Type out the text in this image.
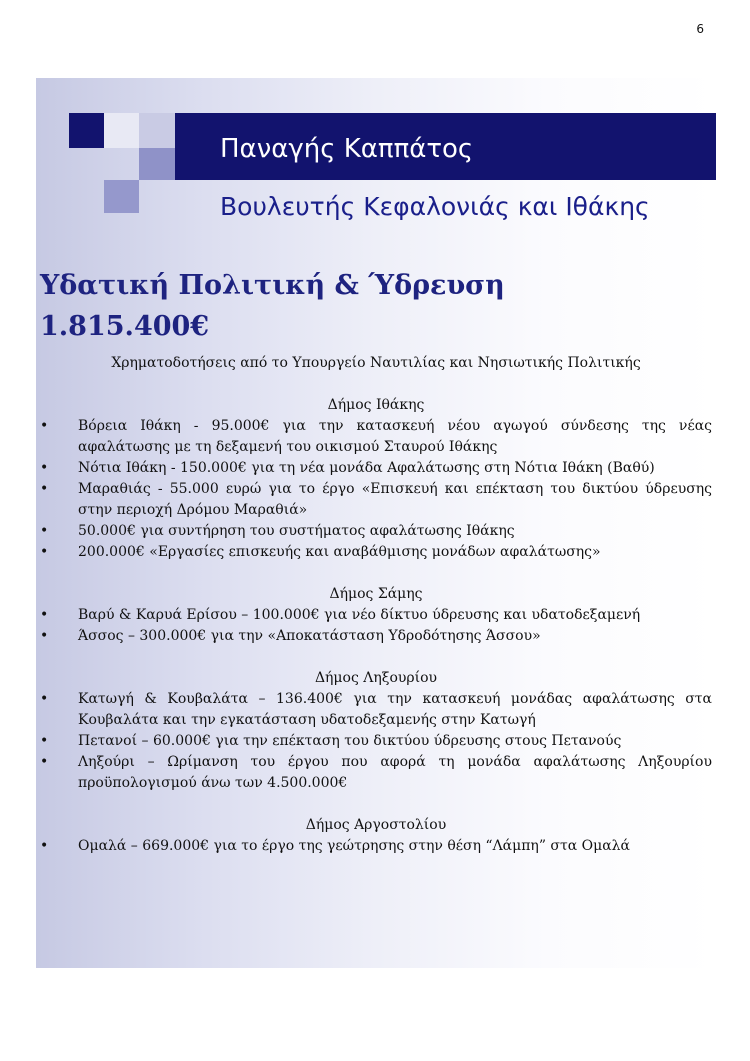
6
Παναγής Καππάτος
Βουλευτής Κεφαλονιάς και Ιθάκης
Υδατική Πολιτική & Ύδρευση
1.815.400€

Χρηματοδοτήσεις από το Υπουργείο Ναυτιλίας και Νησιωτικής Πολιτικής

Δήμος Ιθάκης

• Βόρεια Ιθάκη - 95.000€ για την κατασκευή νέου αγωγού σύνδεσης της νέας αφαλάτωσης με τη δεξαμενή του οικισμού Σταυρού Ιθάκης
• Νότια Ιθάκη - 150.000€ για τη νέα μονάδα Αφαλάτωσης στη Νότια Ιθάκη (Βαθύ)
• Μαραθιάς - 55.000 ευρώ για το έργο «Επισκευή και επέκταση του δικτύου ύδρευσης στην περιοχή Δρόμου Μαραθιά»
• 50.000€ για συντήρηση του συστήματος αφαλάτωσης Ιθάκης
• 200.000€ «Εργασίες επισκευής και αναβάθμισης μονάδων αφαλάτωσης»

Δήμος Σάμης

• Βαρύ & Καρυά Ερίσου – 100.000€ για νέο δίκτυο ύδρευσης και υδατοδεξαμενή
• Άσσος – 300.000€ για την «Αποκατάσταση Υδροδότησης Άσσου»

Δήμος Ληξουρίου

• Κατωγή & Κουβαλάτα – 136.400€ για την κατασκευή μονάδας αφαλάτωσης στα Κουβαλάτα και την εγκατάσταση υδατοδεξαμενής στην Κατωγή
• Πετανοί – 60.000€ για την επέκταση του δικτύου ύδρευσης στους Πετανούς
• Ληξούρι – Ωρίμανση του έργου που αφορά τη μονάδα αφαλάτωσης Ληξουρίου προϋπολογισμού άνω των 4.500.000€

Δήμος Αργοστολίου

• Ομαλά – 669.000€ για το έργο της γεώτρησης στην θέση “Λάμπη” στα Ομαλά
